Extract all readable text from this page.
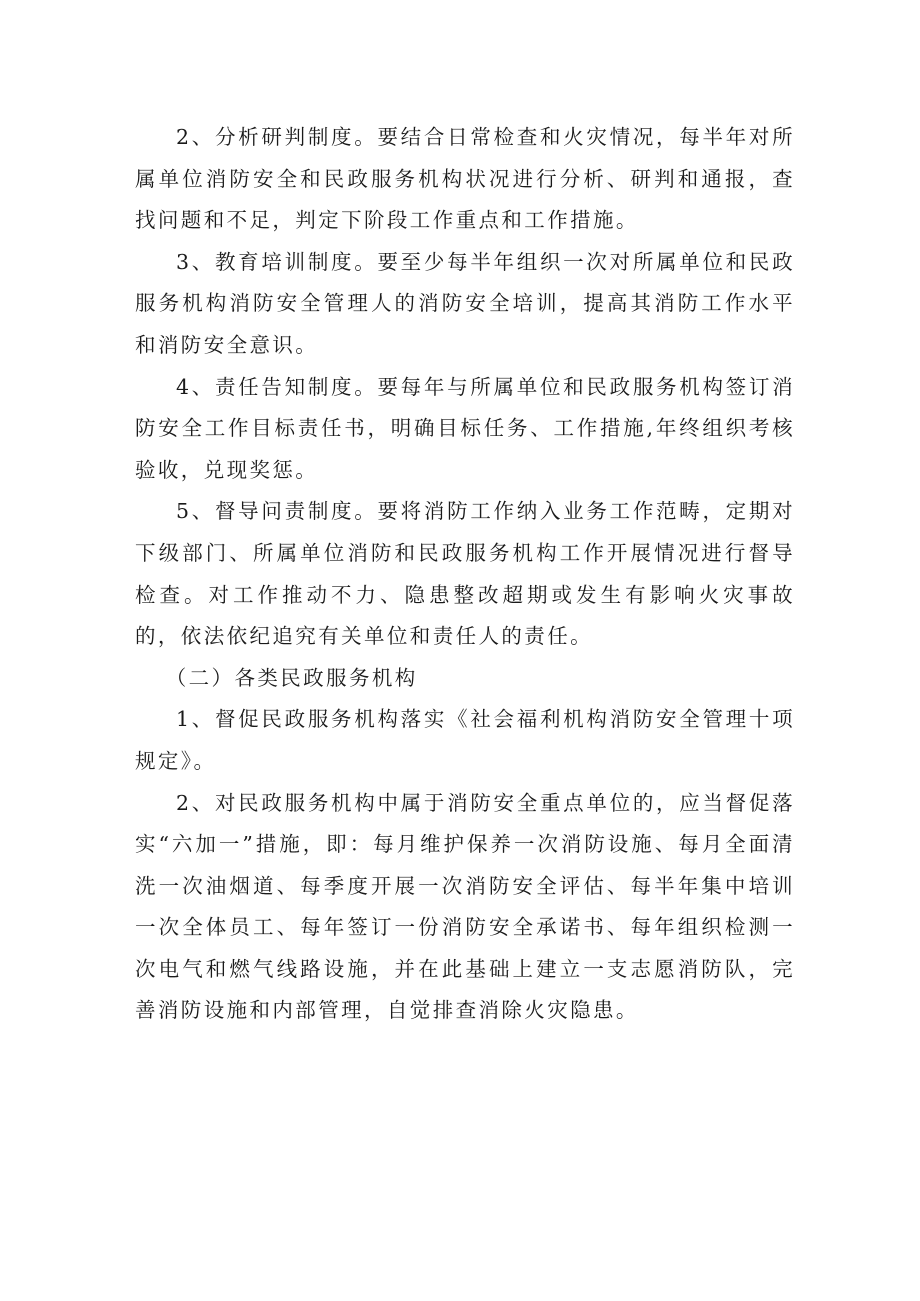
2、分析研判制度。要结合日常检查和火灾情况，每半年对所属单位消防安全和民政服务机构状况进行分析、研判和通报，查找问题和不足，判定下阶段工作重点和工作措施。

3、教育培训制度。要至少每半年组织一次对所属单位和民政服务机构消防安全管理人的消防安全培训，提高其消防工作水平和消防安全意识。

4、责任告知制度。要每年与所属单位和民政服务机构签订消防安全工作目标责任书，明确目标任务、工作措施,年终组织考核验收，兑现奖惩。

5、督导问责制度。要将消防工作纳入业务工作范畴，定期对下级部门、所属单位消防和民政服务机构工作开展情况进行督导检查。对工作推动不力、隐患整改超期或发生有影响火灾事故的，依法依纪追究有关单位和责任人的责任。

（二）各类民政服务机构

1、督促民政服务机构落实《社会福利机构消防安全管理十项规定》。

2、对民政服务机构中属于消防安全重点单位的，应当督促落实“六加一”措施，即：每月维护保养一次消防设施、每月全面清洗一次油烟道、每季度开展一次消防安全评估、每半年集中培训一次全体员工、每年签订一份消防安全承诺书、每年组织检测一次电气和燃气线路设施，并在此基础上建立一支志愿消防队，完善消防设施和内部管理，自觉排查消除火灾隐患。
